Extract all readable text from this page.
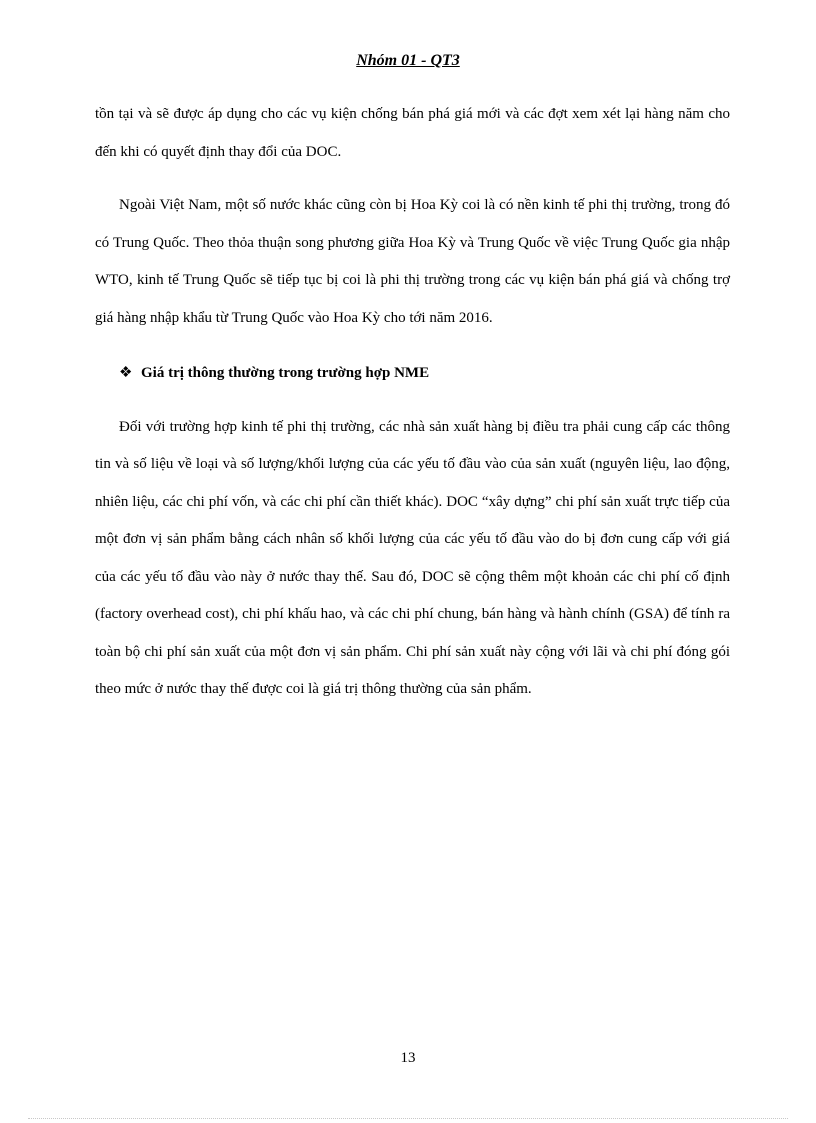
Nhóm 01 - QT3

tồn tại và sẽ được áp dụng cho các vụ kiện chống bán phá giá mới và các đợt xem xét lại hàng năm cho đến khi có quyết định thay đổi của DOC.

Ngoài Việt Nam, một số nước khác cũng còn bị Hoa Kỳ coi là có nền kinh tế phi thị trường, trong đó có Trung Quốc. Theo thỏa thuận song phương giữa Hoa Kỳ và Trung Quốc về việc Trung Quốc gia nhập WTO, kinh tế Trung Quốc sẽ tiếp tục bị coi là phi thị trường trong các vụ kiện bán phá giá và chống trợ giá hàng nhập khẩu từ Trung Quốc vào Hoa Kỳ cho tới năm 2016.

❖ Giá trị thông thường trong trường hợp NME

Đối với trường hợp kinh tế phi thị trường, các nhà sản xuất hàng bị điều tra phải cung cấp các thông tin và số liệu về loại và số lượng/khối lượng của các yếu tố đầu vào của sản xuất (nguyên liệu, lao động, nhiên liệu, các chi phí vốn, và các chi phí cần thiết khác). DOC “xây dựng” chi phí sản xuất trực tiếp của một đơn vị sản phẩm bằng cách nhân số khối lượng của các yếu tố đầu vào do bị đơn cung cấp với giá của các yếu tố đầu vào này ở nước thay thế. Sau đó, DOC sẽ cộng thêm một khoản các chi phí cố định (factory overhead cost), chi phí khấu hao, và các chi phí chung, bán hàng và hành chính (GSA) để tính ra toàn bộ chi phí sản xuất của một đơn vị sản phẩm. Chi phí sản xuất này cộng với lãi và chi phí đóng gói theo mức ở nước thay thế được coi là giá trị thông thường của sản phẩm.

13
